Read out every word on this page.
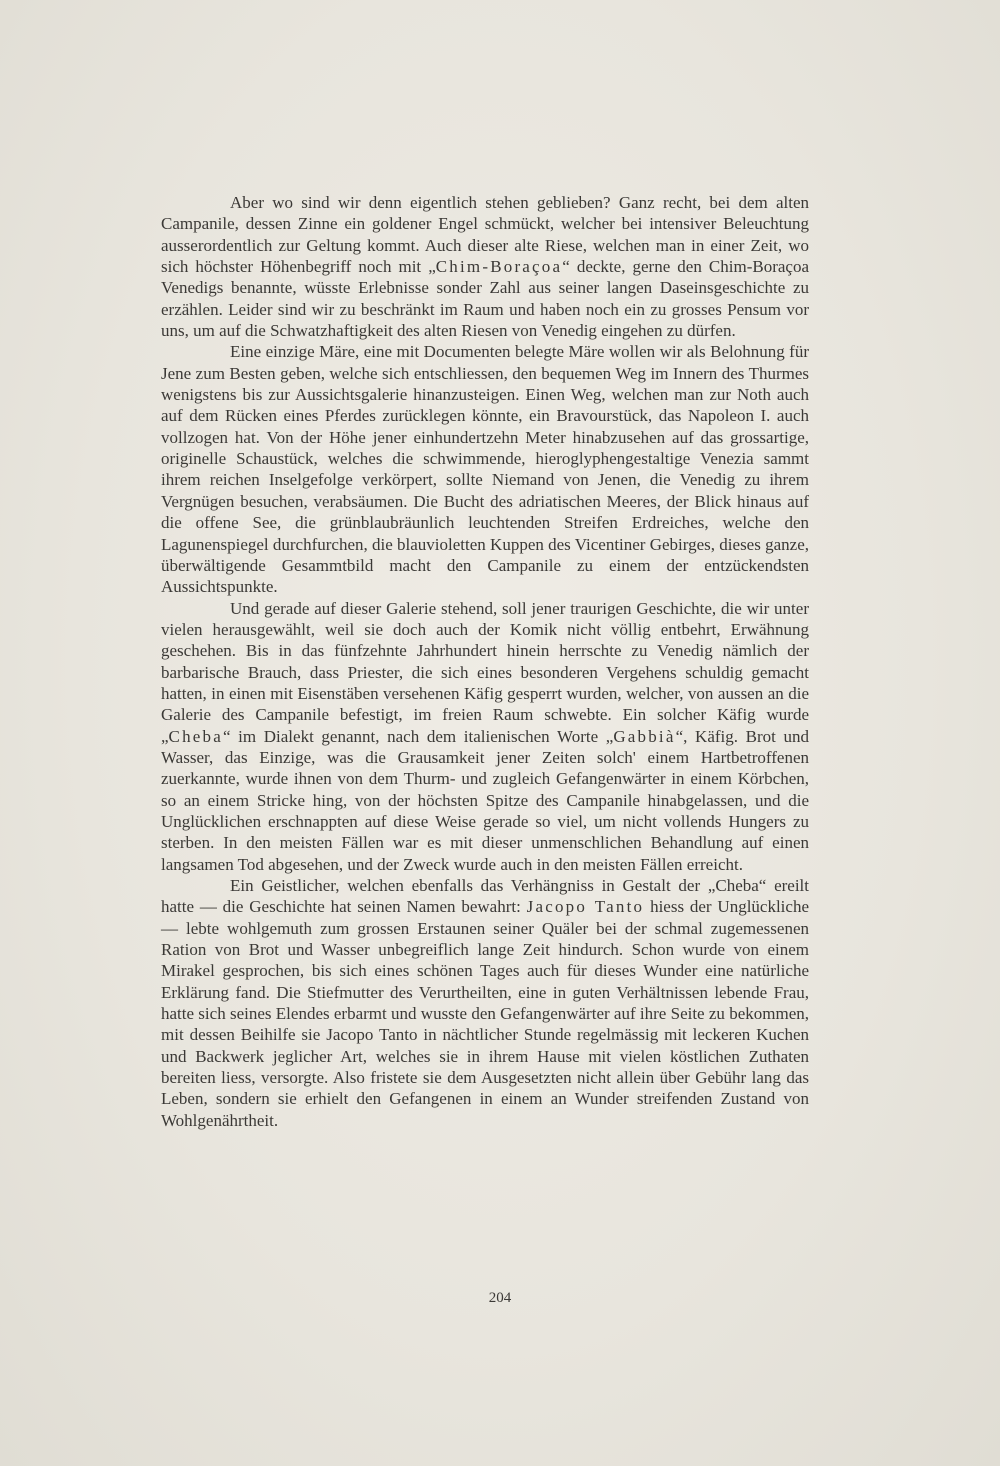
Aber wo sind wir denn eigentlich stehen geblieben? Ganz recht, bei dem alten Campanile, dessen Zinne ein goldener Engel schmückt, welcher bei intensiver Beleuchtung ausserordentlich zur Geltung kommt. Auch dieser alte Riese, welchen man in einer Zeit, wo sich höchster Höhenbegriff noch mit „Chim-Boraçoa“ deckte, gerne den Chim-Boraçoa Venedigs benannte, wüsste Erlebnisse sonder Zahl aus seiner langen Daseinsgeschichte zu erzählen. Leider sind wir zu beschränkt im Raum und haben noch ein zu grosses Pensum vor uns, um auf die Schwatzhaftigkeit des alten Riesen von Venedig eingehen zu dürfen.

Eine einzige Märe, eine mit Documenten belegte Märe wollen wir als Belohnung für Jene zum Besten geben, welche sich entschliessen, den bequemen Weg im Innern des Thurmes wenigstens bis zur Aussichtsgalerie hinanzusteigen. Einen Weg, welchen man zur Noth auch auf dem Rücken eines Pferdes zurücklegen könnte, ein Bravourstück, das Napoleon I. auch vollzogen hat. Von der Höhe jener einhundertzehn Meter hinabzusehen auf das grossartige, originelle Schaustück, welches die schwimmende, hieroglyphengestaltige Venezia sammt ihrem reichen Inselgefolge verkörpert, sollte Niemand von Jenen, die Venedig zu ihrem Vergnügen besuchen, verabsäumen. Die Bucht des adriatischen Meeres, der Blick hinaus auf die offene See, die grünblaubräunlich leuchtenden Streifen Erdreiches, welche den Lagunenspiegel durchfurchen, die blauvioletten Kuppen des Vicentiner Gebirges, dieses ganze, überwältigende Gesammtbild macht den Campanile zu einem der entzückendsten Aussichtspunkte.

Und gerade auf dieser Galerie stehend, soll jener traurigen Geschichte, die wir unter vielen herausgewählt, weil sie doch auch der Komik nicht völlig entbehrt, Erwähnung geschehen. Bis in das fünfzehnte Jahrhundert hinein herrschte zu Venedig nämlich der barbarische Brauch, dass Priester, die sich eines besonderen Vergehens schuldig gemacht hatten, in einen mit Eisenstäben versehenen Käfig gesperrt wurden, welcher, von aussen an die Galerie des Campanile befestigt, im freien Raum schwebte. Ein solcher Käfig wurde „Cheba“ im Dialekt genannt, nach dem italienischen Worte „Gabbià“, Käfig. Brot und Wasser, das Einzige, was die Grausamkeit jener Zeiten solch' einem Hartbetroffenen zuerkannte, wurde ihnen von dem Thurm- und zugleich Gefangenwärter in einem Körbchen, so an einem Stricke hing, von der höchsten Spitze des Campanile hinabgelassen, und die Unglücklichen erschnappten auf diese Weise gerade so viel, um nicht vollends Hungers zu sterben. In den meisten Fällen war es mit dieser unmenschlichen Behandlung auf einen langsamen Tod abgesehen, und der Zweck wurde auch in den meisten Fällen erreicht.

Ein Geistlicher, welchen ebenfalls das Verhängniss in Gestalt der „Cheba“ ereilt hatte — die Geschichte hat seinen Namen bewahrt: Jacopo Tanto hiess der Unglückliche — lebte wohlgemuth zum grossen Erstaunen seiner Quäler bei der schmal zugemessenen Ration von Brot und Wasser unbegreiflich lange Zeit hindurch. Schon wurde von einem Mirakel gesprochen, bis sich eines schönen Tages auch für dieses Wunder eine natürliche Erklärung fand. Die Stiefmutter des Verurtheilten, eine in guten Verhältnissen lebende Frau, hatte sich seines Elendes erbarmt und wusste den Gefangenwärter auf ihre Seite zu bekommen, mit dessen Beihilfe sie Jacopo Tanto in nächtlicher Stunde regelmässig mit leckeren Kuchen und Backwerk jeglicher Art, welches sie in ihrem Hause mit vielen köstlichen Zuthaten bereiten liess, versorgte. Also fristete sie dem Ausgesetzten nicht allein über Gebühr lang das Leben, sondern sie erhielt den Gefangenen in einem an Wunder streifenden Zustand von Wohlgenährtheit.

204
